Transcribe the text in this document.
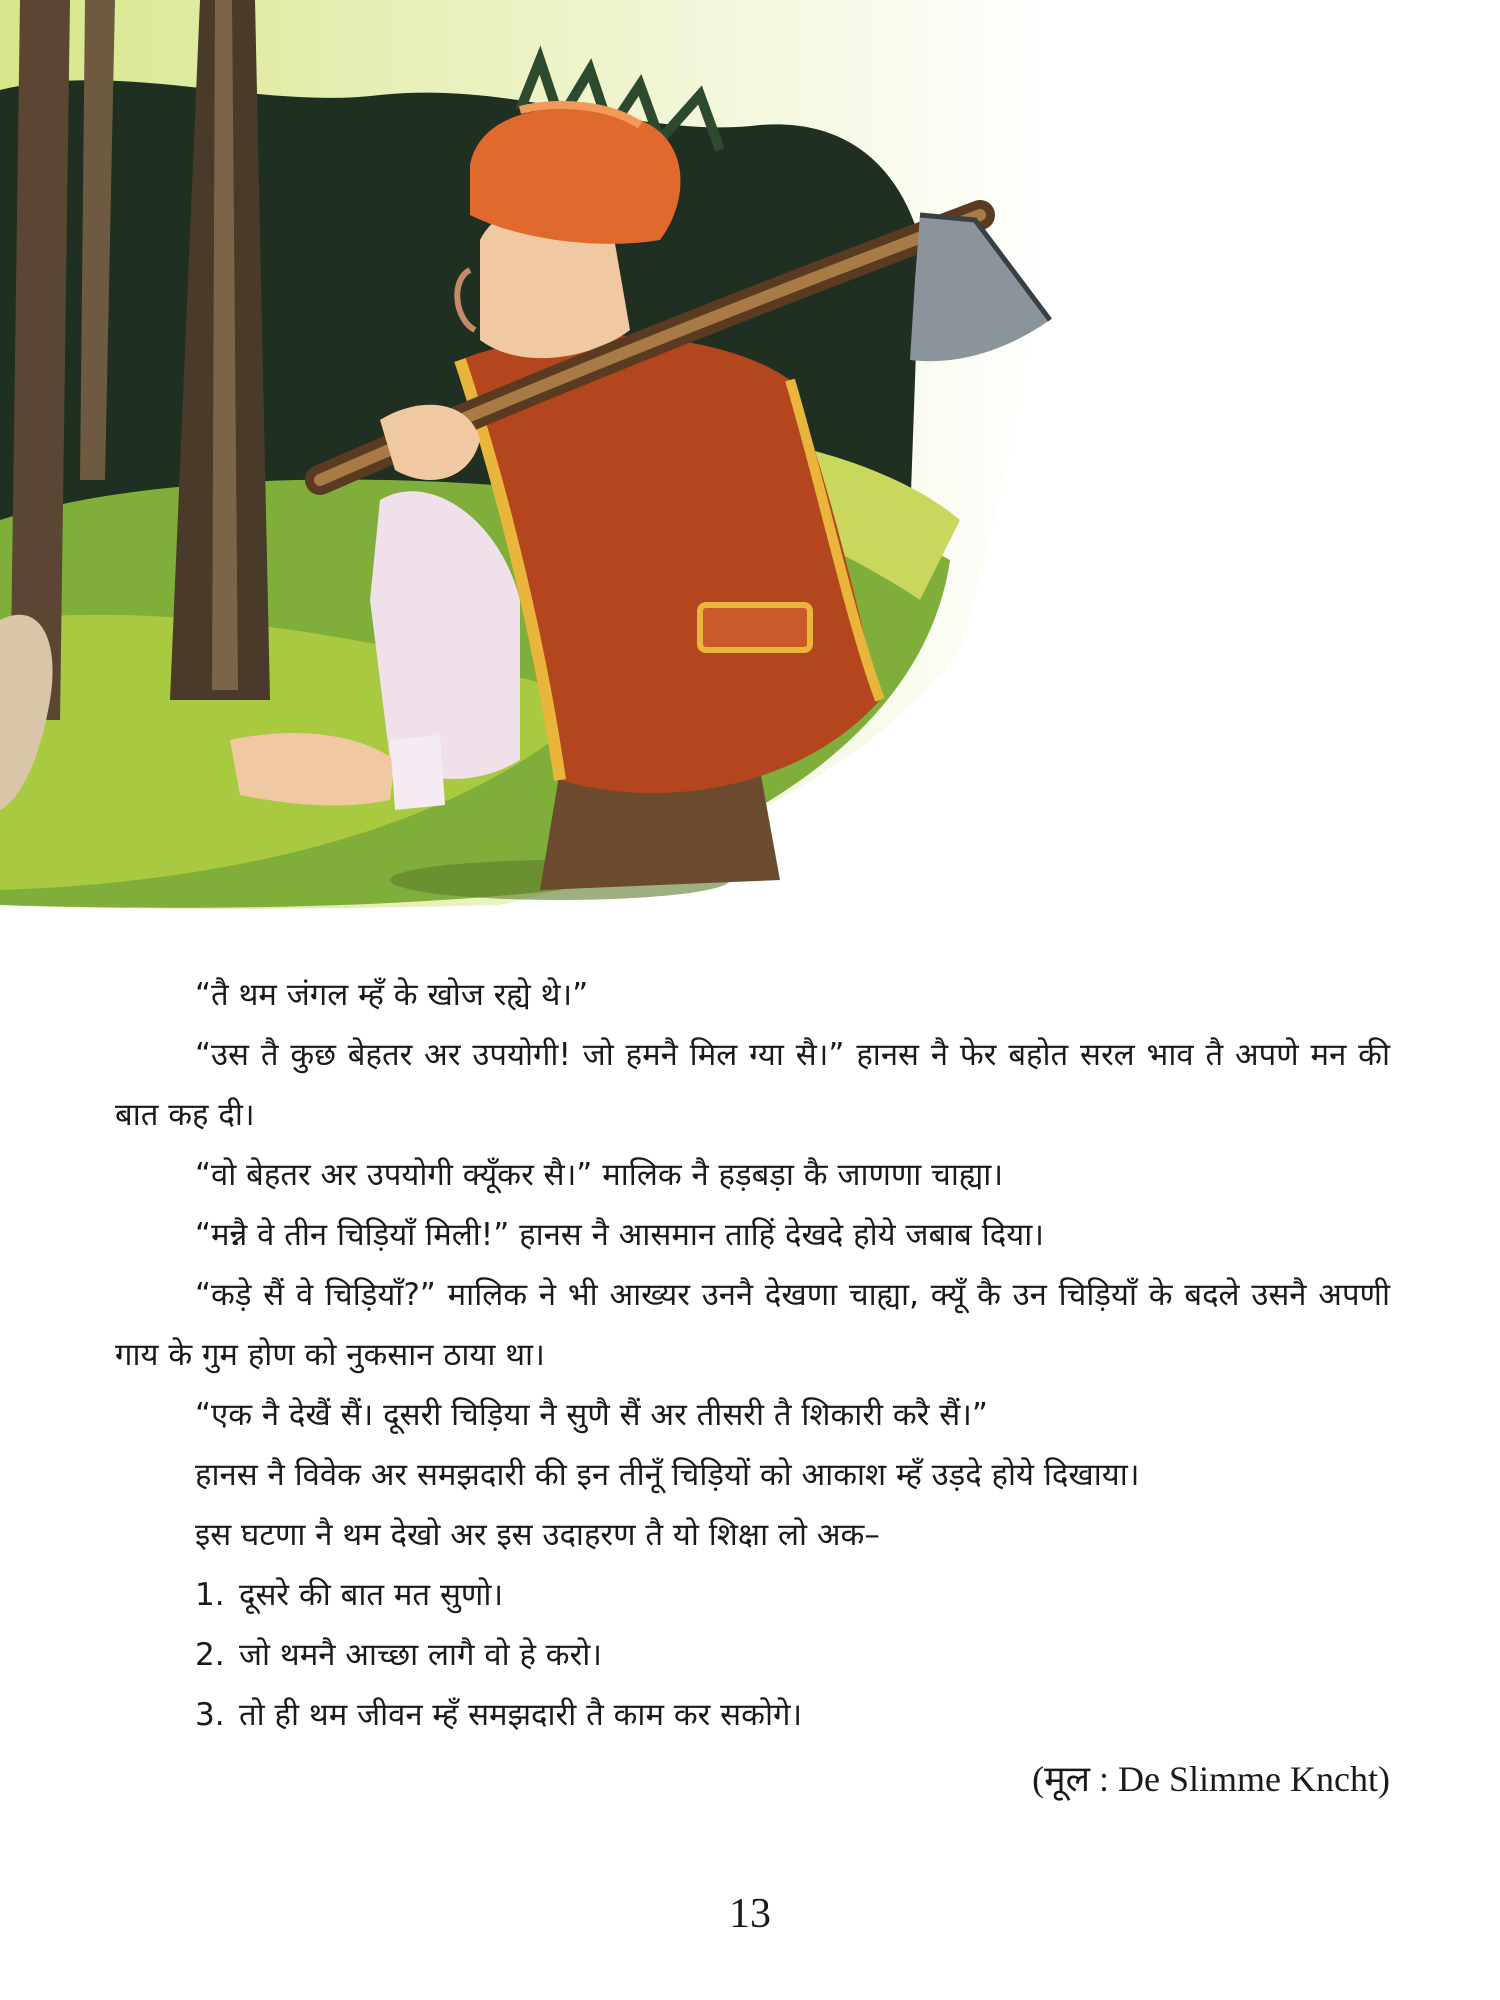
“तै थम जंगल म्हँ के खोज रह्ये थे।”

“उस तै कुछ बेहतर अर उपयोगी! जो हमनै मिल ग्या सै।” हानस नै फेर बहोत सरल भाव तै अपणे मन की बात कह दी।

“वो बेहतर अर उपयोगी क्यूँकर सै।” मालिक नै हड़बड़ा कै जाणणा चाह्या।

“मन्नै वे तीन चिड़ियाँ मिली!” हानस नै आसमान ताहिं देखदे होये जबाब दिया।

“कड़े सैं वे चिड़ियाँ?” मालिक ने भी आख्यर उननै देखणा चाह्या, क्यूँ कै उन चिड़ियाँ के बदले उसनै अपणी गाय के गुम होण को नुकसान ठाया था।

“एक नै देखैं सैं। दूसरी चिड़िया नै सुणै सैं अर तीसरी तै शिकारी करै सैं।”

हानस नै विवेक अर समझदारी की इन तीनूँ चिड़ियों को आकाश म्हँ उड़दे होये दिखाया।

इस घटणा नै थम देखो अर इस उदाहरण तै यो शिक्षा लो अक–

1. दूसरे की बात मत सुणो।

2. जो थमनै आच्छा लागै वो हे करो।

3. तो ही थम जीवन म्हँ समझदारी तै काम कर सकोगे।

(मूल : De Slimme Kncht)

13
